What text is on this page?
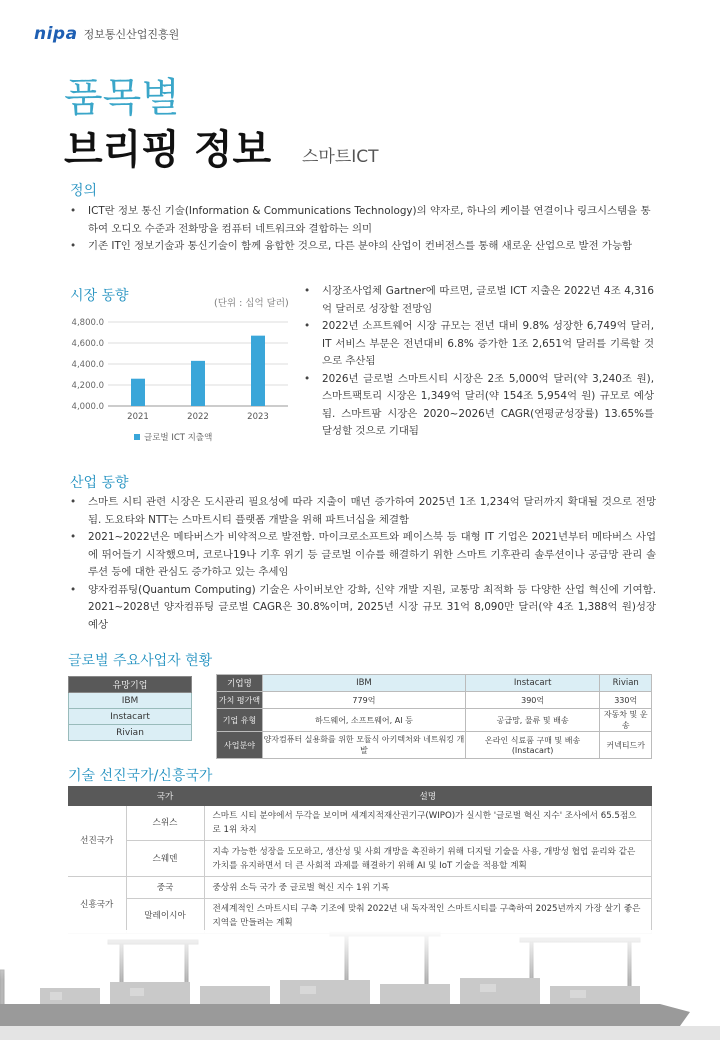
nipa 정보통신산업진흥원
품목별
브리핑 정보 스마트ICT
정의
• ICT란 정보 통신 기술(Information & Communications Technology)의 약자로, 하나의 케이블 연결이나 링크시스템을 통하여 오디오 수준과 전화망을 컴퓨터 네트워크와 결합하는 의미
• 기존 IT인 정보기술과 통신기술이 함께 융합한 것으로, 다른 분야의 산업이 컨버전스를 통해 새로운 산업으로 발전 가능함
시장 동향	(단위 : 십억 달러)
4,000.0
4,200.0
4,400.0
4,600.0
4,800.0
2021	2022	2023
글로벌 ICT 지출액
• 시장조사업체 Gartner에 따르면, 글로벌 ICT 지출은 2022년 4조 4,316억 달러로 성장할 전망임
• 2022년 소프트웨어 시장 규모는 전년 대비 9.8% 성장한 6,749억 달러, IT 서비스 부문은 전년대비 6.8% 증가한 1조 2,651억 달러를 기록할 것으로 추산됨
• 2026년 글로벌 스마트시티 시장은 2조 5,000억 달러(약 3,240조 원), 스마트팩토리 시장은 1,349억 달러(약 154조 5,954억 원) 규모로 예상됨. 스마트팜 시장은 2020~2026년 CAGR(연평균성장률) 13.65%를 달성할 것으로 기대됨
산업 동향
• 스마트 시티 관련 시장은 도시관리 필요성에 따라 지출이 매년 증가하여 2025년 1조 1,234억 달러까지 확대될 것으로 전망됨. 도요타와 NTT는 스마트시티 플랫폼 개발을 위해 파트너십을 체결함
• 2021~2022년은 메타버스가 비약적으로 발전함. 마이크로소프트와 페이스북 등 대형 IT 기업은 2021년부터 메타버스 사업에 뛰어들기 시작했으며, 코로나19나 기후 위기 등 글로벌 이슈를 해결하기 위한 스마트 기후관리 솔루션이나 공급망 관리 솔루션 등에 대한 관심도 증가하고 있는 추세임
• 양자컴퓨팅(Quantum Computing) 기술은 사이버보안 강화, 신약 개발 지원, 교통망 최적화 등 다양한 산업 혁신에 기여함. 2021~2028년 양자컴퓨팅 글로벌 CAGR은 30.8%이며, 2025년 시장 규모 31억 8,090만 달러(약 4조 1,388억 원)성장 예상
글로벌 주요사업자 현황
유망기업
IBM
Instacart
Rivian
기업명	IBM	Instacart	Rivian
가치 평가액	779억	390억	330억
기업 유형	하드웨어, 소프트웨어, AI 등	공급망, 물류 및 배송	자동차 및 운송
사업분야	양자컴퓨터 실용화를 위한 모듈식 아키텍처와 네트워킹 개발	온라인 식료품 구매 및 배송(Instacart)	커넥티드카
기술 선진국가/신흥국가
	국가	설명
선진국가	스위스	스마트 시티 분야에서 두각을 보이며 세계지적재산권기구(WIPO)가 실시한 '글로벌 혁신 지수' 조사에서 65.5점으로 1위 차지
	스웨덴	지속 가능한 성장을 도모하고, 생산성 및 사회 개방을 촉진하기 위해 디지털 기술을 사용, 개방성 협업 윤리와 같은 가치를 유지하면서 더 큰 사회적 과제를 해결하기 위해 AI 및 IoT 기술을 적용할 계획
신흥국가	중국	중상위 소득 국가 중 글로벌 혁신 지수 1위 기록
	말레이시아	전세계적인 스마트시티 구축 기조에 맞춰 2022년 내 독자적인 스마트시티를 구축하여 2025년까지 가장 살기 좋은 지역을 만들려는 계획
